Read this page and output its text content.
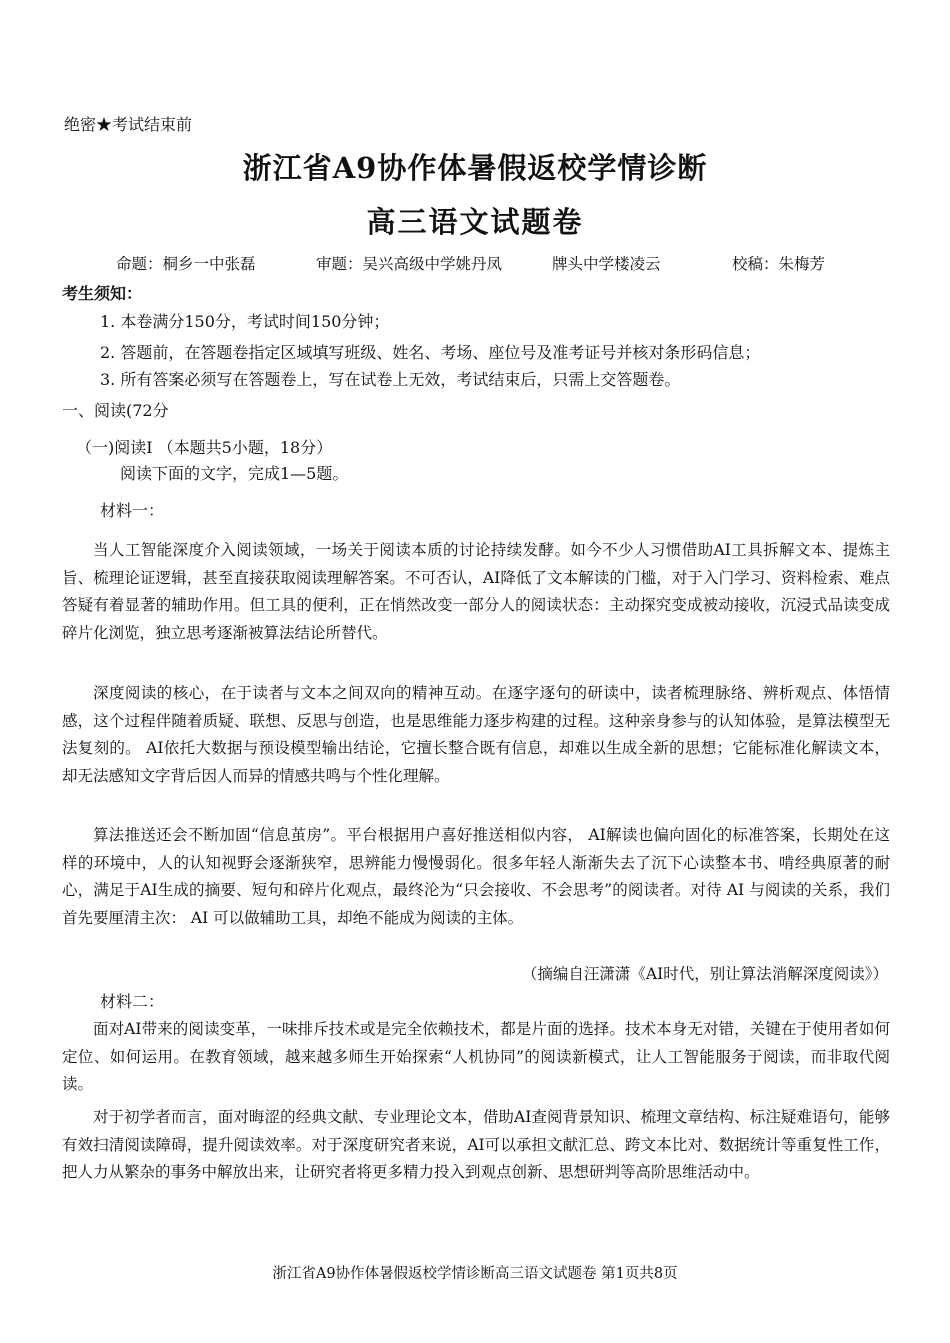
绝密★考试结束前
浙江省A9协作体暑假返校学情诊断
高三语文试题卷
命题：桐乡一中张磊	审题：吴兴高级中学姚丹凤	牌头中学楼凌云	校稿：朱梅芳
考生须知：
1. 本卷满分150分，考试时间150分钟；
2. 答题前，在答题卷指定区域填写班级、姓名、考场、座位号及准考证号并核对条形码信息；
3. 所有答案必须写在答题卷上，写在试卷上无效，考试结束后，只需上交答题卷。
一、阅读(72分
（一)阅读I （本题共5小题，18分）
阅读下面的文字，完成1—5题。
材料一：

当人工智能深度介入阅读领域，一场关于阅读本质的讨论持续发酵。如今不少人习惯借助AI工具拆解文本、提炼主旨、梳理论证逻辑，甚至直接获取阅读理解答案。不可否认，AI降低了文本解读的门槛，对于入门学习、资料检索、难点答疑有着显著的辅助作用。但工具的便利，正在悄然改变一部分人的阅读状态：主动探究变成被动接收，沉浸式品读变成碎片化浏览，独立思考逐渐被算法结论所替代。

深度阅读的核心，在于读者与文本之间双向的精神互动。在逐字逐句的研读中，读者梳理脉络、辨析观点、体悟情感，这个过程伴随着质疑、联想、反思与创造，也是思维能力逐步构建的过程。这种亲身参与的认知体验，是算法模型无法复刻的。 AI依托大数据与预设模型输出结论，它擅长整合既有信息，却难以生成全新的思想；它能标准化解读文本，却无法感知文字背后因人而异的情感共鸣与个性化理解。

算法推送还会不断加固“信息茧房”。平台根据用户喜好推送相似内容， AI解读也偏向固化的标准答案，长期处在这样的环境中，人的认知视野会逐渐狭窄，思辨能力慢慢弱化。很多年轻人渐渐失去了沉下心读整本书、啃经典原著的耐心，满足于AI生成的摘要、短句和碎片化观点，最终沦为“只会接收、不会思考”的阅读者。对待 AI 与阅读的关系，我们首先要厘清主次： AI 可以做辅助工具，却绝不能成为阅读的主体。

（摘编自汪潇潇《AI时代，别让算法消解深度阅读》）
材料二：

面对AI带来的阅读变革，一味排斥技术或是完全依赖技术，都是片面的选择。技术本身无对错，关键在于使用者如何定位、如何运用。在教育领域，越来越多师生开始探索“人机协同”的阅读新模式，让人工智能服务于阅读，而非取代阅读。

对于初学者而言，面对晦涩的经典文献、专业理论文本，借助AI查阅背景知识、梳理文章结构、标注疑难语句，能够有效扫清阅读障碍，提升阅读效率。对于深度研究者来说，AI可以承担文献汇总、跨文本比对、数据统计等重复性工作，把人力从繁杂的事务中解放出来，让研究者将更多精力投入到观点创新、思想研判等高阶思维活动中。

浙江省A9协作体暑假返校学情诊断高三语文试题卷 第1页共8页
